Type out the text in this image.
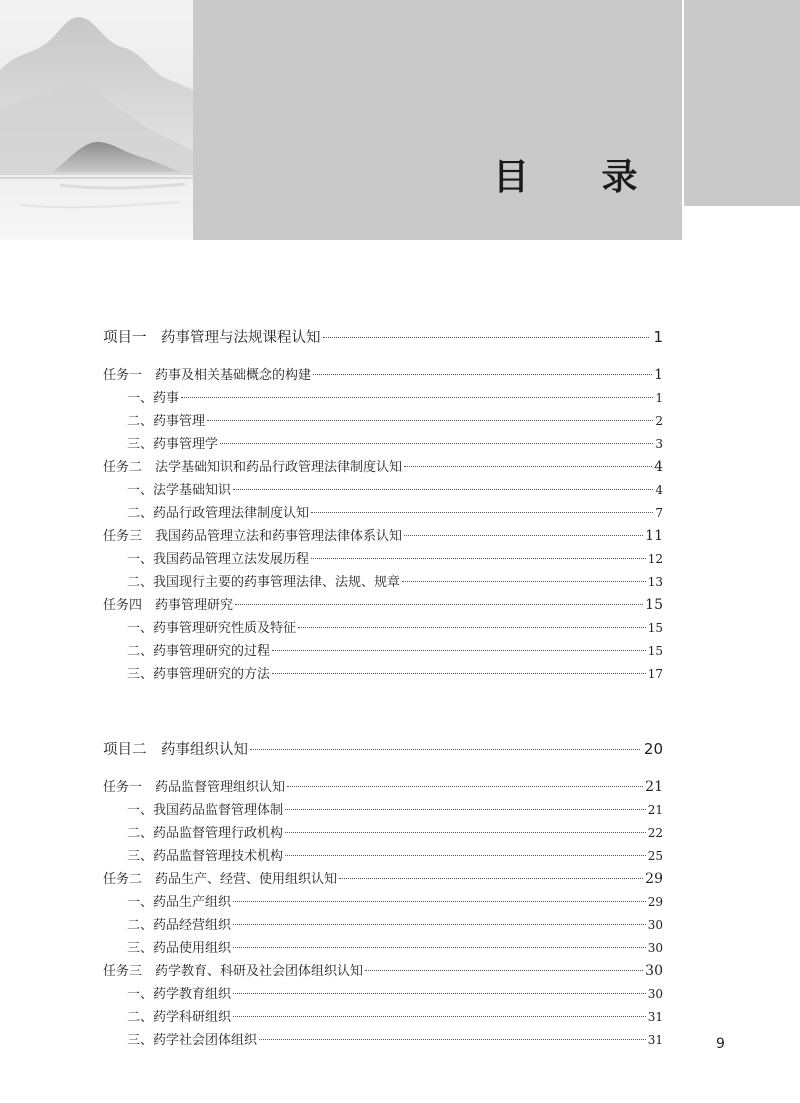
目 录
项目一　药事管理与法规课程认知	1
任务一　药事及相关基础概念的构建	1
一、药事	1
二、药事管理	2
三、药事管理学	3
任务二　法学基础知识和药品行政管理法律制度认知	4
一、法学基础知识	4
二、药品行政管理法律制度认知	7
任务三　我国药品管理立法和药事管理法律体系认知	11
一、我国药品管理立法发展历程	12
二、我国现行主要的药事管理法律、法规、规章	13
任务四　药事管理研究	15
一、药事管理研究性质及特征	15
二、药事管理研究的过程	15
三、药事管理研究的方法	17
项目二　药事组织认知	20
任务一　药品监督管理组织认知	21
一、我国药品监督管理体制	21
二、药品监督管理行政机构	22
三、药品监督管理技术机构	25
任务二　药品生产、经营、使用组织认知	29
一、药品生产组织	29
二、药品经营组织	30
三、药品使用组织	30
任务三　药学教育、科研及社会团体组织认知	30
一、药学教育组织	30
二、药学科研组织	31
三、药学社会团体组织	31	9
